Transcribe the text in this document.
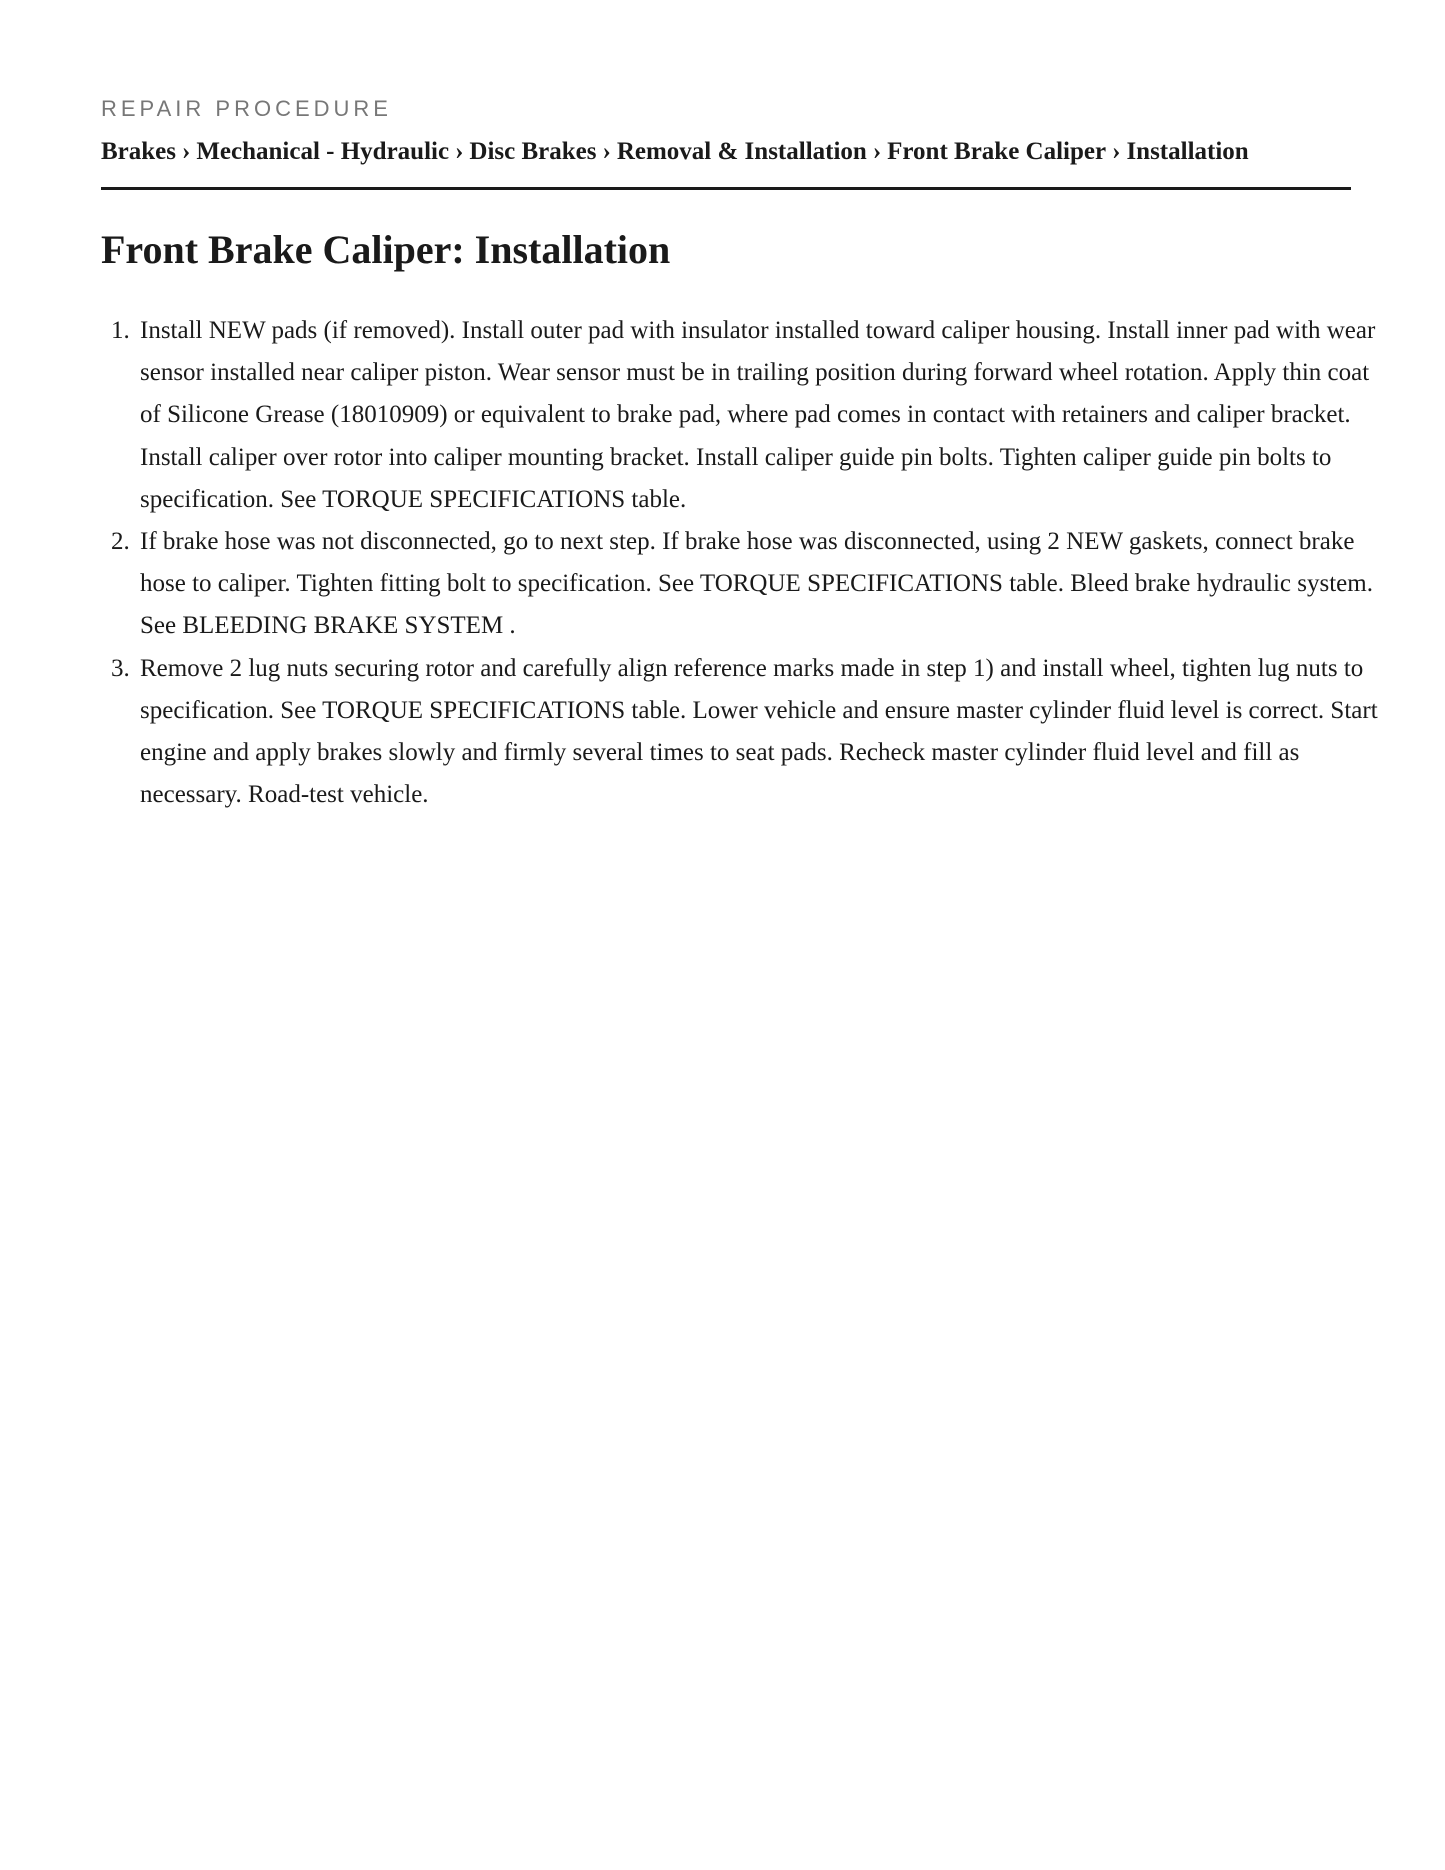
REPAIR PROCEDURE
Brakes › Mechanical - Hydraulic › Disc Brakes › Removal & Installation › Front Brake Caliper › Installation
Front Brake Caliper: Installation
Install NEW pads (if removed). Install outer pad with insulator installed toward caliper housing. Install inner pad with wear sensor installed near caliper piston. Wear sensor must be in trailing position during forward wheel rotation. Apply thin coat of Silicone Grease (18010909) or equivalent to brake pad, where pad comes in contact with retainers and caliper bracket. Install caliper over rotor into caliper mounting bracket. Install caliper guide pin bolts. Tighten caliper guide pin bolts to specification. See TORQUE SPECIFICATIONS table.
If brake hose was not disconnected, go to next step. If brake hose was disconnected, using 2 NEW gaskets, connect brake hose to caliper. Tighten fitting bolt to specification. See TORQUE SPECIFICATIONS table. Bleed brake hydraulic system. See BLEEDING BRAKE SYSTEM .
Remove 2 lug nuts securing rotor and carefully align reference marks made in step 1) and install wheel, tighten lug nuts to specification. See TORQUE SPECIFICATIONS table. Lower vehicle and ensure master cylinder fluid level is correct. Start engine and apply brakes slowly and firmly several times to seat pads. Recheck master cylinder fluid level and fill as necessary. Road-test vehicle.
